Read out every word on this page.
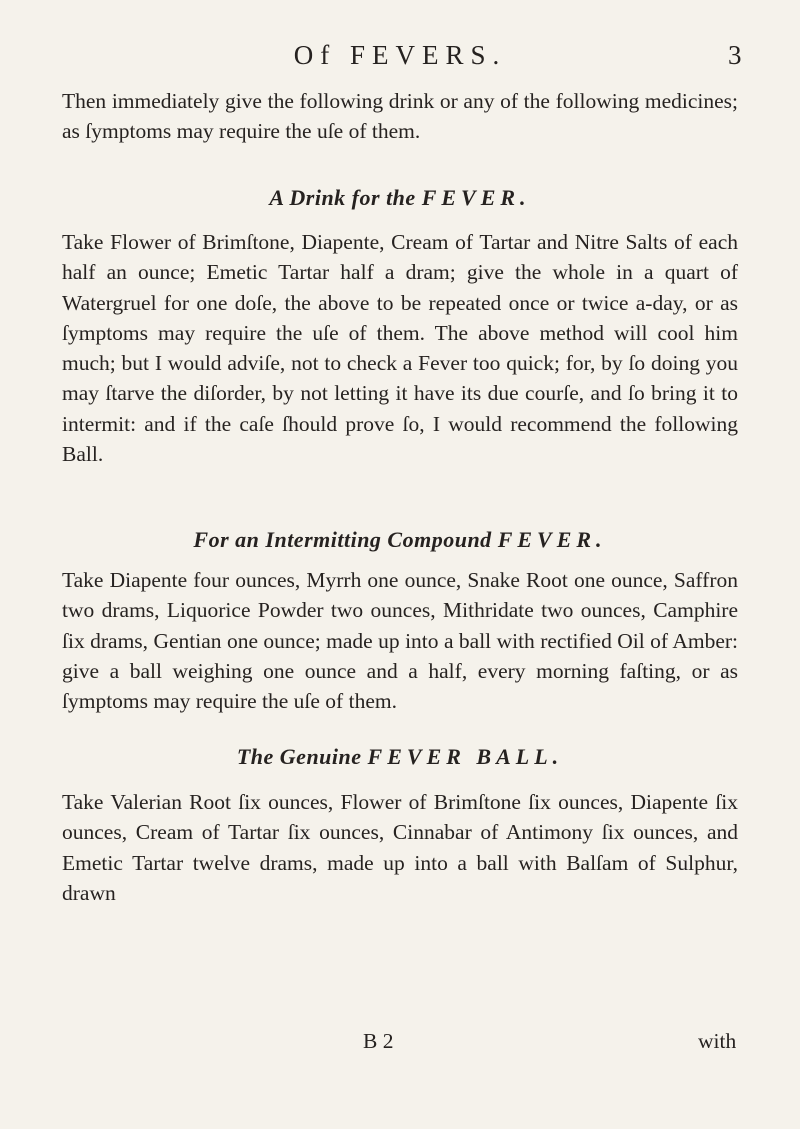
Of FEVERS.	3

Then immediately give the following drink or any of the following medicines; as ſymptoms may require the uſe of them.

A Drink for the FEVER.

Take Flower of Brimſtone, Diapente, Cream of Tartar and Nitre Salts of each half an ounce; Emetic Tartar half a dram; give the whole in a quart of Watergruel for one doſe, the above to be repeated once or twice a-day, or as ſymptoms may require the uſe of them. The above method will cool him much; but I would adviſe, not to check a Fever too quick; for, by ſo doing you may ſtarve the diſorder, by not letting it have its due courſe, and ſo bring it to intermit: and if the caſe ſhould prove ſo, I would recommend the following Ball.

For an Intermitting Compound FEVER.

Take Diapente four ounces, Myrrh one ounce, Snake Root one ounce, Saffron two drams, Liquorice Powder two ounces, Mithridate two ounces, Camphire ſix drams, Gentian one ounce; made up into a ball with rectified Oil of Amber: give a ball weighing one ounce and a half, every morning faſting, or as ſymptoms may require the uſe of them.

The Genuine FEVER BALL.

Take Valerian Root ſix ounces, Flower of Brimſtone ſix ounces, Diapente ſix ounces, Cream of Tartar ſix ounces, Cinnabar of Antimony ſix ounces, and Emetic Tartar twelve drams, made up into a ball with Balſam of Sulphur, drawn

B 2	with
